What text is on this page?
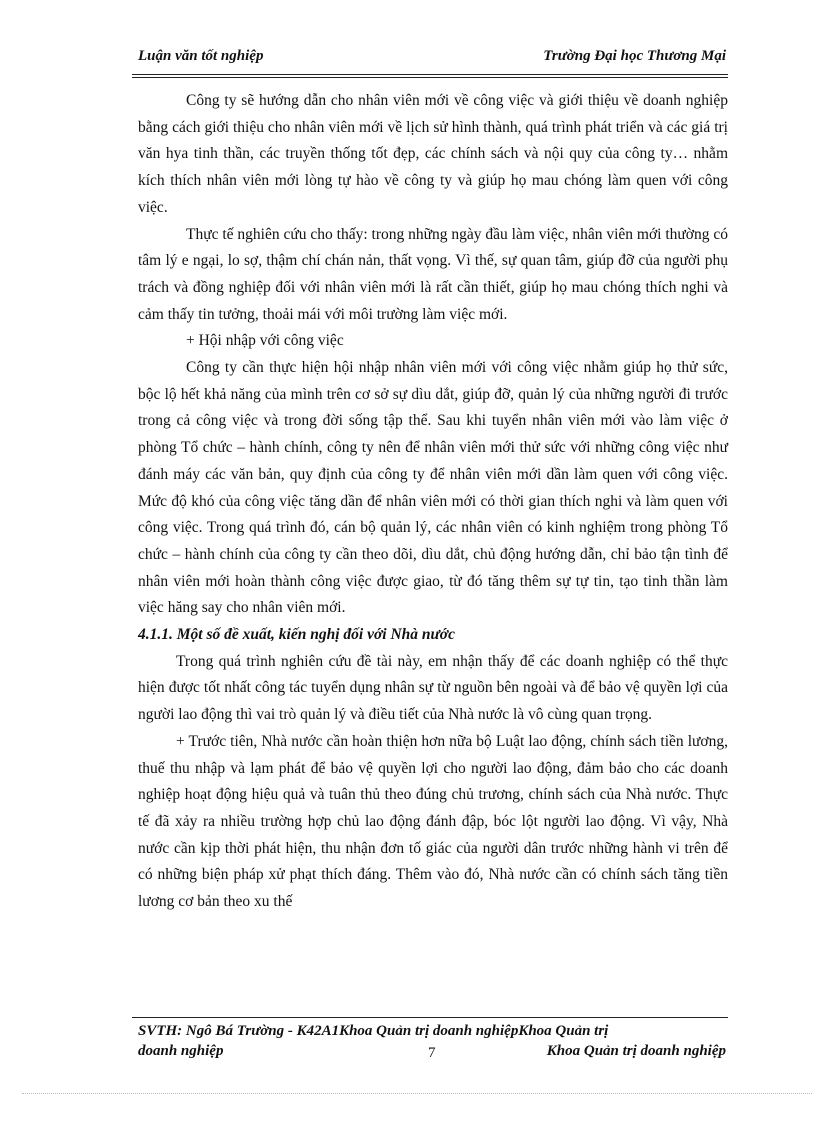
Luận văn tốt nghiệp	Trường Đại học Thương Mại

Công ty sẽ hướng dẫn cho nhân viên mới về công việc và giới thiệu về doanh nghiệp bằng cách giới thiệu cho nhân viên mới về lịch sử hình thành, quá trình phát triển và các giá trị văn hya tinh thần, các truyền thống tốt đẹp, các chính sách và nội quy của công ty… nhằm kích thích nhân viên mới lòng tự hào về công ty và giúp họ mau chóng làm quen với công việc.

Thực tế nghiên cứu cho thấy: trong những ngày đầu làm việc, nhân viên mới thường có tâm lý e ngại, lo sợ, thậm chí chán nản, thất vọng. Vì thế, sự quan tâm, giúp đỡ của người phụ trách và đồng nghiệp đối với nhân viên mới là rất cần thiết, giúp họ mau chóng thích nghi và cảm thấy tin tưởng, thoải mái với môi trường làm việc mới.

+ Hội nhập với công việc

Công ty cần thực hiện hội nhập nhân viên mới với công việc nhằm giúp họ thử sức, bộc lộ hết khả năng của mình trên cơ sở sự dìu dắt, giúp đỡ, quản lý của những người đi trước trong cả công việc và trong đời sống tập thể. Sau khi tuyển nhân viên mới vào làm việc ở phòng Tổ chức – hành chính, công ty nên để nhân viên mới thử sức với những công việc như đánh máy các văn bản, quy định của công ty để nhân viên mới dần làm quen với công việc. Mức độ khó của công việc tăng dần để nhân viên mới có thời gian thích nghi và làm quen với công việc. Trong quá trình đó, cán bộ quản lý, các nhân viên có kinh nghiệm trong phòng Tổ chức – hành chính của công ty cần theo dõi, dìu dắt, chủ động hướng dẫn, chỉ bảo tận tình để nhân viên mới hoàn thành công việc được giao, từ đó tăng thêm sự tự tin, tạo tinh thần làm việc hăng say cho nhân viên mới.

4.1.1. Một số đề xuất, kiến nghị đối với Nhà nước

Trong quá trình nghiên cứu đề tài này, em nhận thấy để các doanh nghiệp có thể thực hiện được tốt nhất công tác tuyển dụng nhân sự từ nguồn bên ngoài và để bảo vệ quyền lợi của người lao động thì vai trò quản lý và điều tiết của Nhà nước là vô cùng quan trọng.

+ Trước tiên, Nhà nước cần hoàn thiện hơn nữa bộ Luật lao động, chính sách tiền lương, thuế thu nhập và lạm phát để bảo vệ quyền lợi cho người lao động, đảm bảo cho các doanh nghiệp hoạt động hiệu quả và tuân thủ theo đúng chủ trương, chính sách của Nhà nước. Thực tế đã xảy ra nhiều trường hợp chủ lao động đánh đập, bóc lột người lao động. Vì vậy, Nhà nước cần kịp thời phát hiện, thu nhận đơn tố giác của người dân trước những hành vi trên để có những biện pháp xử phạt thích đáng. Thêm vào đó, Nhà nước cần có chính sách tăng tiền lương cơ bản theo xu thế

SVTH: Ngô Bá Trường - K42A1Khoa Quản trị doanh nghiệpKhoa Quản trị
doanh nghiệp	7	Khoa Quản trị doanh nghiệp
